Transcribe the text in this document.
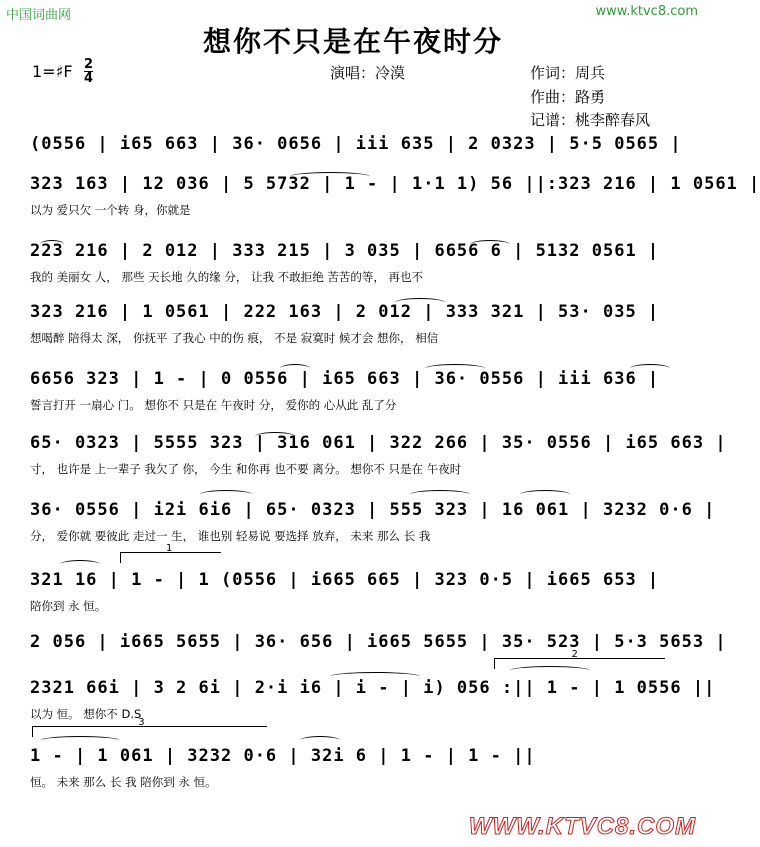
中国词曲网	www.ktvc8.com
想你不只是在午夜时分
1=♯F 2
4	演唱：冷漠	作词：周兵
作曲：路勇
记谱：桃李醉春风
(0556 | i65 663 | 36· 0656 | iii 635 | 2 0323 | 5·5 0565 |
323 163 | 12 036 | 5 5732 | 1 - | 1·1 1) 56 ||:323 216 | 1 0561 |
以为 爱只欠 一个转 身，你就是
223 216 | 2 012 | 333 215 | 3 035 | 6656 6 | 5132 0561 |
我的 美丽女 人， 那些 天长地 久的缘 分， 让我 不敢拒绝 苦苦的等， 再也不
323 216 | 1 0561 | 222 163 | 2 012 | 333 321 | 53· 035 |
想喝醉 陪得太 深， 你抚平 了我心 中的伤 痕， 不是 寂寞时 候才会 想你， 相信
6656 323 | 1 - | 0 0556 | i65 663 | 36· 0556 | iii 636 |
誓言打开 一扇心 门。 想你不 只是在 午夜时 分， 爱你的 心从此 乱了分
65· 0323 | 5555 323 | 316 061 | 322 266 | 35· 0556 | i65 663 |
寸， 也许是 上一辈子 我欠了 你， 今生 和你再 也不要 离分。 想你不 只是在 午夜时
36· 0556 | i2i 6i6 | 65· 0323 | 555 323 | 16 061 | 3232 0·6 |
分， 爱你就 要彼此 走过一 生， 谁也别 轻易说 要选择 放弃， 未来 那么 长 我
321 16 | 1 - | 1 (0556 | i665 665 | 323 0·5 | i665 653 |
陪你到 永 恒。
2 056 | i665 5655 | 36· 656 | i665 5655 | 35· 523 | 5·3 5653 |
2321 66i | 3 2 6i | 2·i i6 | i - | i) 056 :|| 1 - | 1 0556 ||
以为 恒。 想你不 D.S
1 - | 1 061 | 3232 0·6 | 32i 6 | 1 - | 1 - ||
恒。 未来 那么 长 我 陪你到 永 恒。
1
2
3
WWW.KTVC8.COM
